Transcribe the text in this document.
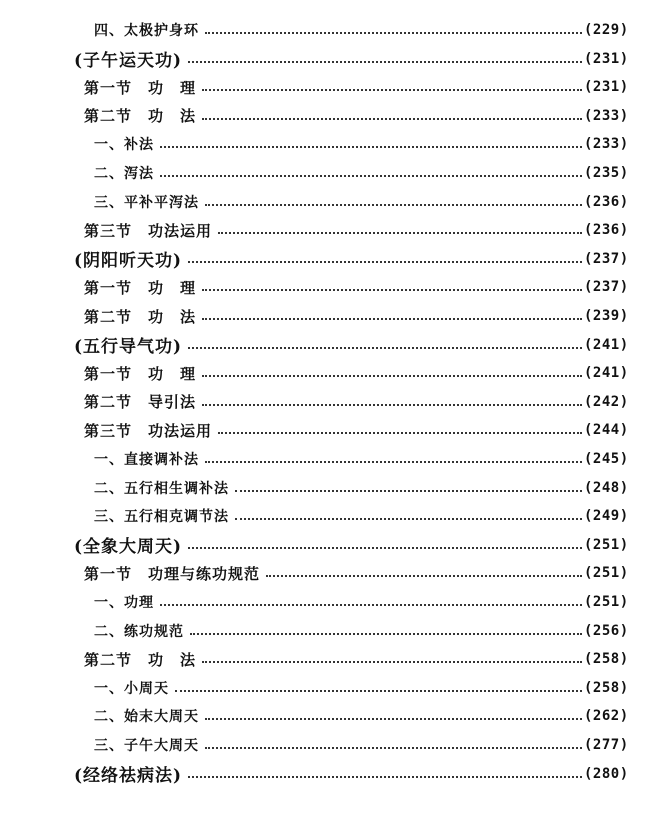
四、太极护身环	(229)
(子午运天功)	(231)
第一节　功　理	(231)
第二节　功　法	(233)
一、补法	(233)
二、泻法	(235)
三、平补平泻法	(236)
第三节　功法运用	(236)
(阴阳听天功)	(237)
第一节　功　理	(237)
第二节　功　法	(239)
(五行导气功)	(241)
第一节　功　理	(241)
第二节　导引法	(242)
第三节　功法运用	(244)
一、直接调补法	(245)
二、五行相生调补法	(248)
三、五行相克调节法	(249)
(全象大周天)	(251)
第一节　功理与练功规范	(251)
一、功理	(251)
二、练功规范	(256)
第二节　功　法	(258)
一、小周天	(258)
二、始末大周天	(262)
三、子午大周天	(277)
(经络祛病法)	(280)
